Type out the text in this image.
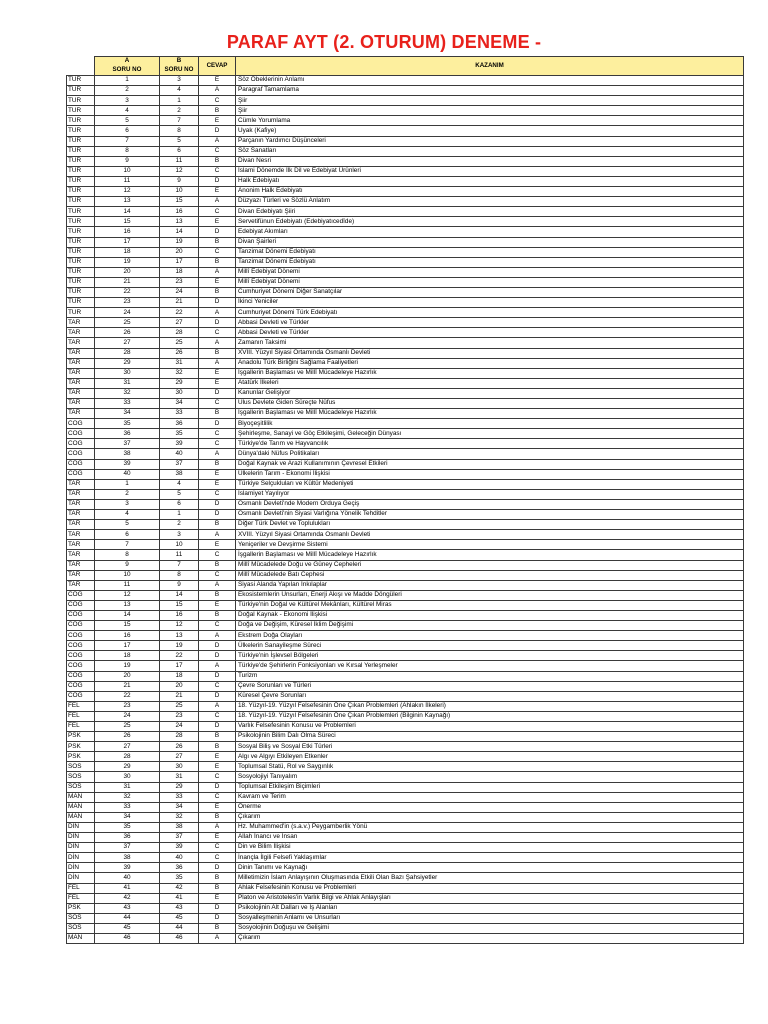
PARAF AYT (2. OTURUM) DENEME -
	A	B	CEVAP	KAZANIM
	SORU NO	SORU NO		
TUR	1	3	E	Söz Öbeklerinin Anlamı
TUR	2	4	A	Paragraf Tamamlama
TUR	3	1	C	Şiir
TUR	4	2	B	Şiir
TUR	5	7	E	Cümle Yorumlama
TUR	6	8	D	Uyak (Kafiye)
TUR	7	5	A	Parçanın Yardımcı Düşünceleri
TUR	8	6	C	Söz Sanatları
TUR	9	11	B	Divan Nesri
TUR	10	12	C	İslami Dönemde İlk Dil ve Edebiyat Ürünleri
TUR	11	9	D	Halk Edebiyatı
TUR	12	10	E	Anonim Halk Edebiyatı
TUR	13	15	A	Düzyazı Türleri ve Sözlü Anlatım
TUR	14	16	C	Divan Edebiyatı Şiiri
TUR	15	13	E	Servetifünun Edebiyatı (Edebiyatıcedîde)
TUR	16	14	D	Edebiyat Akımları
TUR	17	19	B	Divan Şairleri
TUR	18	20	C	Tanzimat Dönemi Edebiyatı
TUR	19	17	B	Tanzimat Dönemi Edebiyatı
TUR	20	18	A	Millî Edebiyat Dönemi
TUR	21	23	E	Millî Edebiyat Dönemi
TUR	22	24	B	Cumhuriyet Dönemi Diğer Sanatçılar
TUR	23	21	D	İkinci Yeniciler
TUR	24	22	A	Cumhuriyet Dönemi Türk Edebiyatı
TAR	25	27	D	Abbasi Devleti ve Türkler
TAR	26	28	C	Abbasi Devleti ve Türkler
TAR	27	25	A	Zamanın Taksimi
TAR	28	26	B	XVIII. Yüzyıl Siyasi Ortamında Osmanlı Devleti
TAR	29	31	A	Anadolu Türk Birliğini Sağlama Faaliyetleri
TAR	30	32	E	İşgallerin Başlaması ve Millî Mücadeleye Hazırlık
TAR	31	29	E	Atatürk İlkeleri
TAR	32	30	D	Kanunlar Gelişiyor
TAR	33	34	C	Ulus Devlete Giden Süreçte Nüfus
TAR	34	33	B	İşgallerin Başlaması ve Millî Mücadeleye Hazırlık
COG	35	36	D	Biyoçeşitlilik
COG	36	35	C	Şehirleşme, Sanayi ve Göç Etkileşimi, Geleceğin Dünyası
COG	37	39	C	Türkiye'de Tarım ve Hayvancılık
COG	38	40	A	Dünya'daki Nüfus Politikaları
COG	39	37	B	Doğal Kaynak ve Arazi Kullanımının Çevresel Etkileri
COG	40	38	E	Ülkelerin Tarım - Ekonomi İlişkisi
TAR	1	4	E	Türkiye Selçukluları ve Kültür Medeniyeti
TAR	2	5	C	İslamiyet Yayılıyor
TAR	3	6	D	Osmanlı Devleti'nde Modern Orduya Geçiş
TAR	4	1	D	Osmanlı Devleti'nin Siyasi Varlığına Yönelik Tehditler
TAR	5	2	B	Diğer Türk Devlet ve Toplulukları
TAR	6	3	A	XVIII. Yüzyıl Siyasi Ortamında Osmanlı Devleti
TAR	7	10	E	Yeniçeriler ve Devşirme Sistemi
TAR	8	11	C	İşgallerin Başlaması ve Millî Mücadeleye Hazırlık
TAR	9	7	B	Millî Mücadelede Doğu ve Güney Cepheleri
TAR	10	8	C	Millî Mücadelede Batı Cephesi
TAR	11	9	A	Siyasi Alanda Yapılan İnkılaplar
COG	12	14	B	Ekosistemlerin Unsurları, Enerji Akışı ve Madde Döngüleri
COG	13	15	E	Türkiye'nin Doğal ve Kültürel Mekânları, Kültürel Miras
COG	14	16	B	Doğal Kaynak - Ekonomi İlişkisi
COG	15	12	C	Doğa ve Değişim, Küresel İklim Değişimi
COG	16	13	A	Ekstrem Doğa Olayları
COG	17	19	D	Ülkelerin Sanayileşme Süreci
COG	18	22	D	Türkiye'nin İşlevsel Bölgeleri
COG	19	17	A	Türkiye'de Şehirlerin Fonksiyonları ve Kırsal Yerleşmeler
COG	20	18	D	Turizm
COG	21	20	C	Çevre Sorunları ve Türleri
COG	22	21	D	Küresel Çevre Sorunları
FEL	23	25	A	18. Yüzyıl-19. Yüzyıl Felsefesinin Öne Çıkan Problemleri (Ahlakın İlkeleri)
FEL	24	23	C	18. Yüzyıl-19. Yüzyıl Felsefesinin Öne Çıkan Problemleri (Bilginin Kaynağı)
FEL	25	24	D	Varlık Felsefesinin Konusu ve Problemleri
PSK	26	28	B	Psikolojinin Bilim Dalı Olma Süreci
PSK	27	26	B	Sosyal Biliş ve Sosyal Etki Türleri
PSK	28	27	E	Algı ve Algıyı Etkileyen Etkenler
SOS	29	30	E	Toplumsal Statü, Rol ve Saygınlık
SOS	30	31	C	Sosyolojiyi Tanıyalım
SOS	31	29	D	Toplumsal Etkileşim Biçimleri
MAN	32	33	C	Kavram ve Terim
MAN	33	34	E	Önerme
MAN	34	32	B	Çıkarım
DİN	35	38	A	Hz. Muhammed'in (s.a.v.) Peygamberlik Yönü
DİN	36	37	E	Allah İnancı ve İnsan
DİN	37	39	C	Din ve Bilim İlişkisi
DİN	38	40	C	İnançla İlgili Felsefi Yaklaşımlar
DİN	39	36	D	Dinin Tanımı ve Kaynağı
DİN	40	35	B	Milletimizin İslam Anlayışının Oluşmasında Etkili Olan Bazı Şahsiyetler
FEL	41	42	B	Ahlak Felsefesinin Konusu ve Problemleri
FEL	42	41	E	Platon ve Aristoteles'in Varlık Bilgi ve Ahlak Anlayışları
PSK	43	43	D	Psikolojinin Alt Dalları ve İş Alanları
SOS	44	45	D	Sosyalleşmenin Anlamı ve Unsurları
SOS	45	44	B	Sosyolojinin Doğuşu ve Gelişimi
MAN	46	46	A	Çıkarım
